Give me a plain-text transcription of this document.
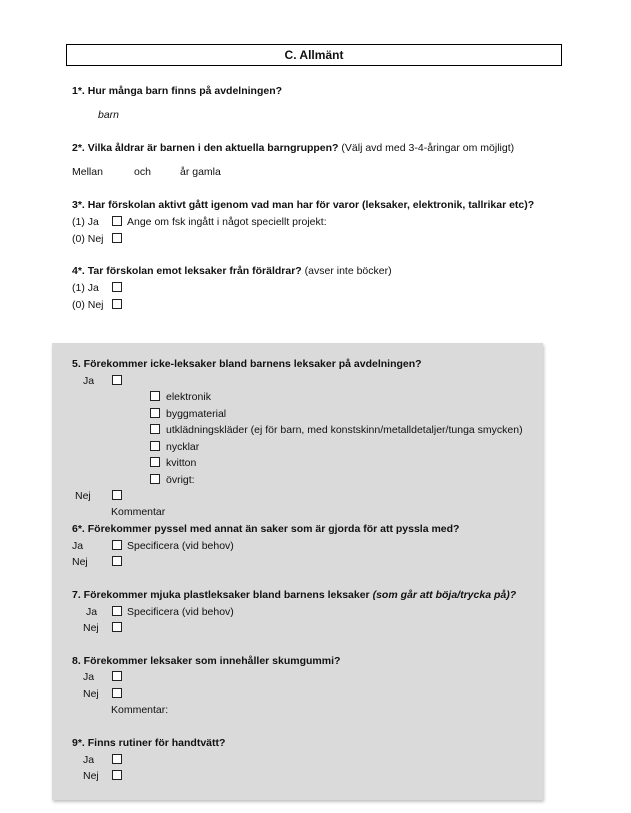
C. Allmänt
1*. Hur många barn finns på avdelningen?
barn
2*. Vilka åldrar är barnen i den aktuella barngruppen? (Välj avd med 3-4-åringar om möjligt)
Mellan	och	år gamla
3*. Har förskolan aktivt gått igenom vad man har för varor (leksaker, elektronik, tallrikar etc)?
(1) Ja	Ange om fsk ingått i något speciellt projekt:
(0) Nej
4*. Tar förskolan emot leksaker från föräldrar? (avser inte böcker)
(1) Ja
(0) Nej
5. Förekommer icke-leksaker bland barnens leksaker på avdelningen?
Ja
elektronik
byggmaterial
utklädningskläder (ej för barn, med konstskinn/metalldetaljer/tunga smycken)
nycklar
kvitton
övrigt:
Nej
Kommentar
6*. Förekommer pyssel med annat än saker som är gjorda för att pyssla med?
Ja	Specificera (vid behov)
Nej
7. Förekommer mjuka plastleksaker bland barnens leksaker (som går att böja/trycka på)?
Ja	Specificera (vid behov)
Nej
8. Förekommer leksaker som innehåller skumgummi?
Ja
Nej
Kommentar:
9*. Finns rutiner för handtvätt?
Ja
Nej
